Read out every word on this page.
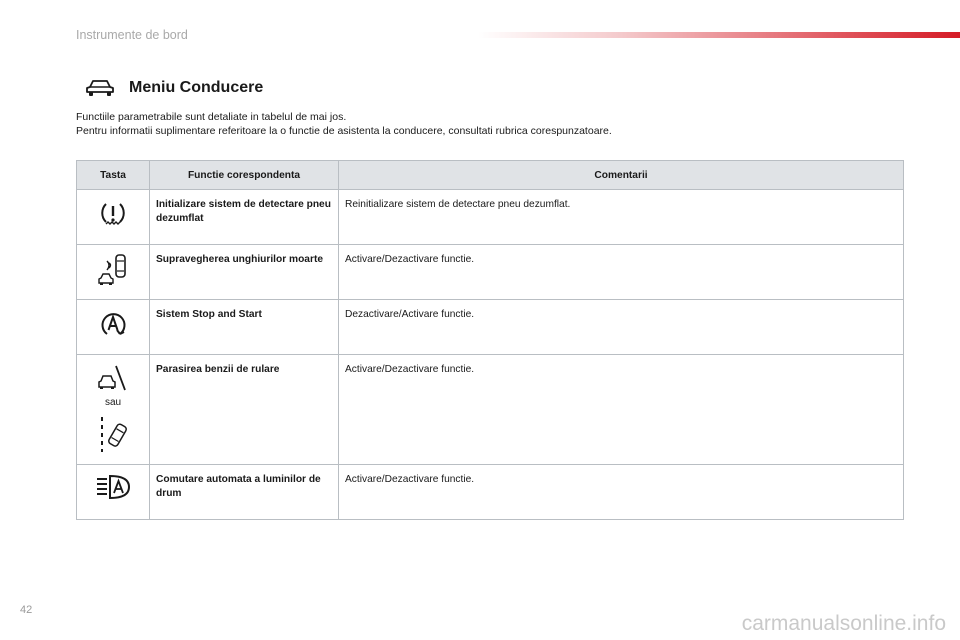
Instrumente de bord
Meniu Conducere
Functiile parametrabile sunt detaliate in tabelul de mai jos.
Pentru informatii suplimentare referitoare la o functie de asistenta la conducere, consultati rubrica corespunzatoare.
Tasta	Functie corespondenta	Comentarii

	Initializare sistem de detectare pneu dezumflat	Reinitializare sistem de detectare pneu dezumflat.

	Supravegherea unghiurilor moarte	Activare/Dezactivare functie.

	Sistem Stop and Start	Dezactivare/Activare functie.

sau	Parasirea benzii de rulare	Activare/Dezactivare functie.

	Comutare automata a luminilor de drum	Activare/Dezactivare functie.
42
carmanualsonline.info
